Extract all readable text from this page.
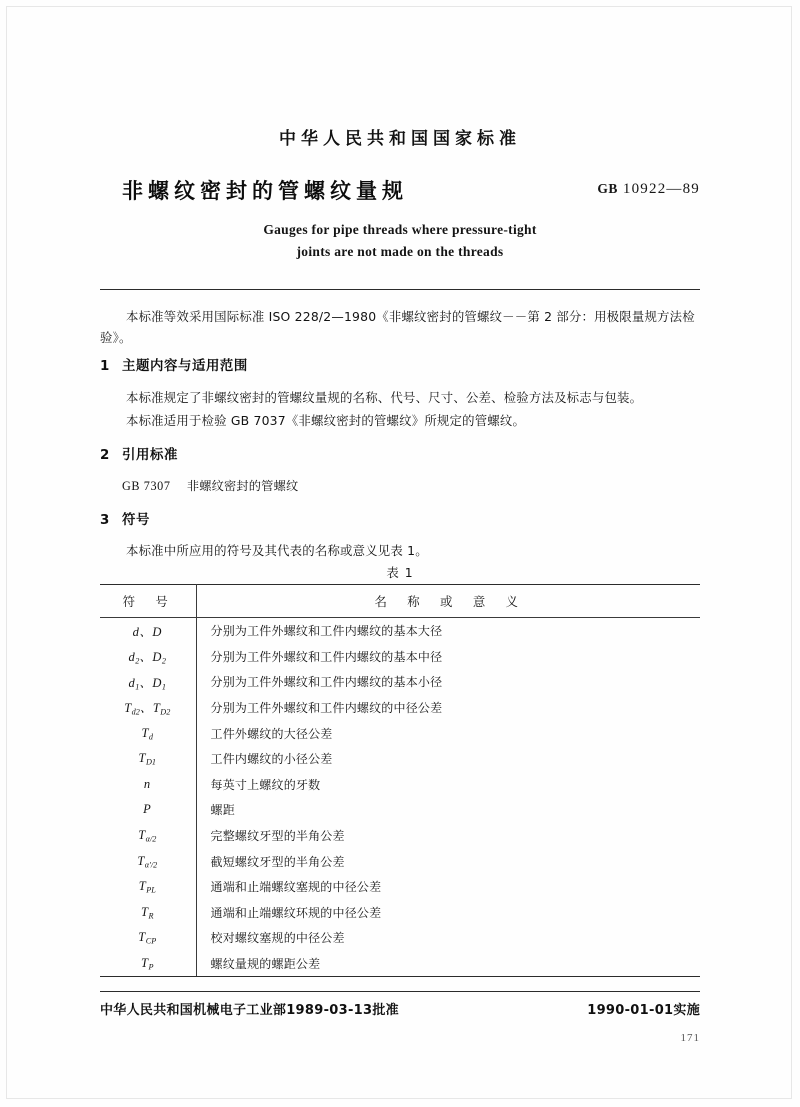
中华人民共和国国家标准
非螺纹密封的管螺纹量规	GB 10922—89
Gauges for pipe threads where pressure-tight
joints are not made on the threads
本标准等效采用国际标准 ISO 228/2—1980《非螺纹密封的管螺纹－－第 2 部分：用极限量规方法检验》。
1 主题内容与适用范围
本标准规定了非螺纹密封的管螺纹量规的名称、代号、尺寸、公差、检验方法及标志与包装。
本标准适用于检验 GB 7037《非螺纹密封的管螺纹》所规定的管螺纹。
2 引用标准
GB 7307 非螺纹密封的管螺纹
3 符号
本标准中所应用的符号及其代表的名称或意义见表 1。
表 1
符　号	名　称　或　意　义
d、D	分别为工件外螺纹和工件内螺纹的基本大径
$d_2$、$D_2$	分别为工件外螺纹和工件内螺纹的基本中径
$d_1$、$D_1$	分别为工件外螺纹和工件内螺纹的基本小径
$T_{d2}$、$T_{D2}$	分别为工件外螺纹和工件内螺纹的中径公差
$T_d$	工件外螺纹的大径公差
$T_{D1}$	工件内螺纹的小径公差
n	每英寸上螺纹的牙数
P	螺距
$T_{\alpha/2}$	完整螺纹牙型的半角公差
$T_{\alpha'/2}$	截短螺纹牙型的半角公差
$T_{PL}$	通端和止端螺纹塞规的中径公差
$T_R$	通端和止端螺纹环规的中径公差
$T_{CP}$	校对螺纹塞规的中径公差
$T_P$	螺纹量规的螺距公差
中华人民共和国机械电子工业部1989-03-13批准	1990-01-01实施
171
